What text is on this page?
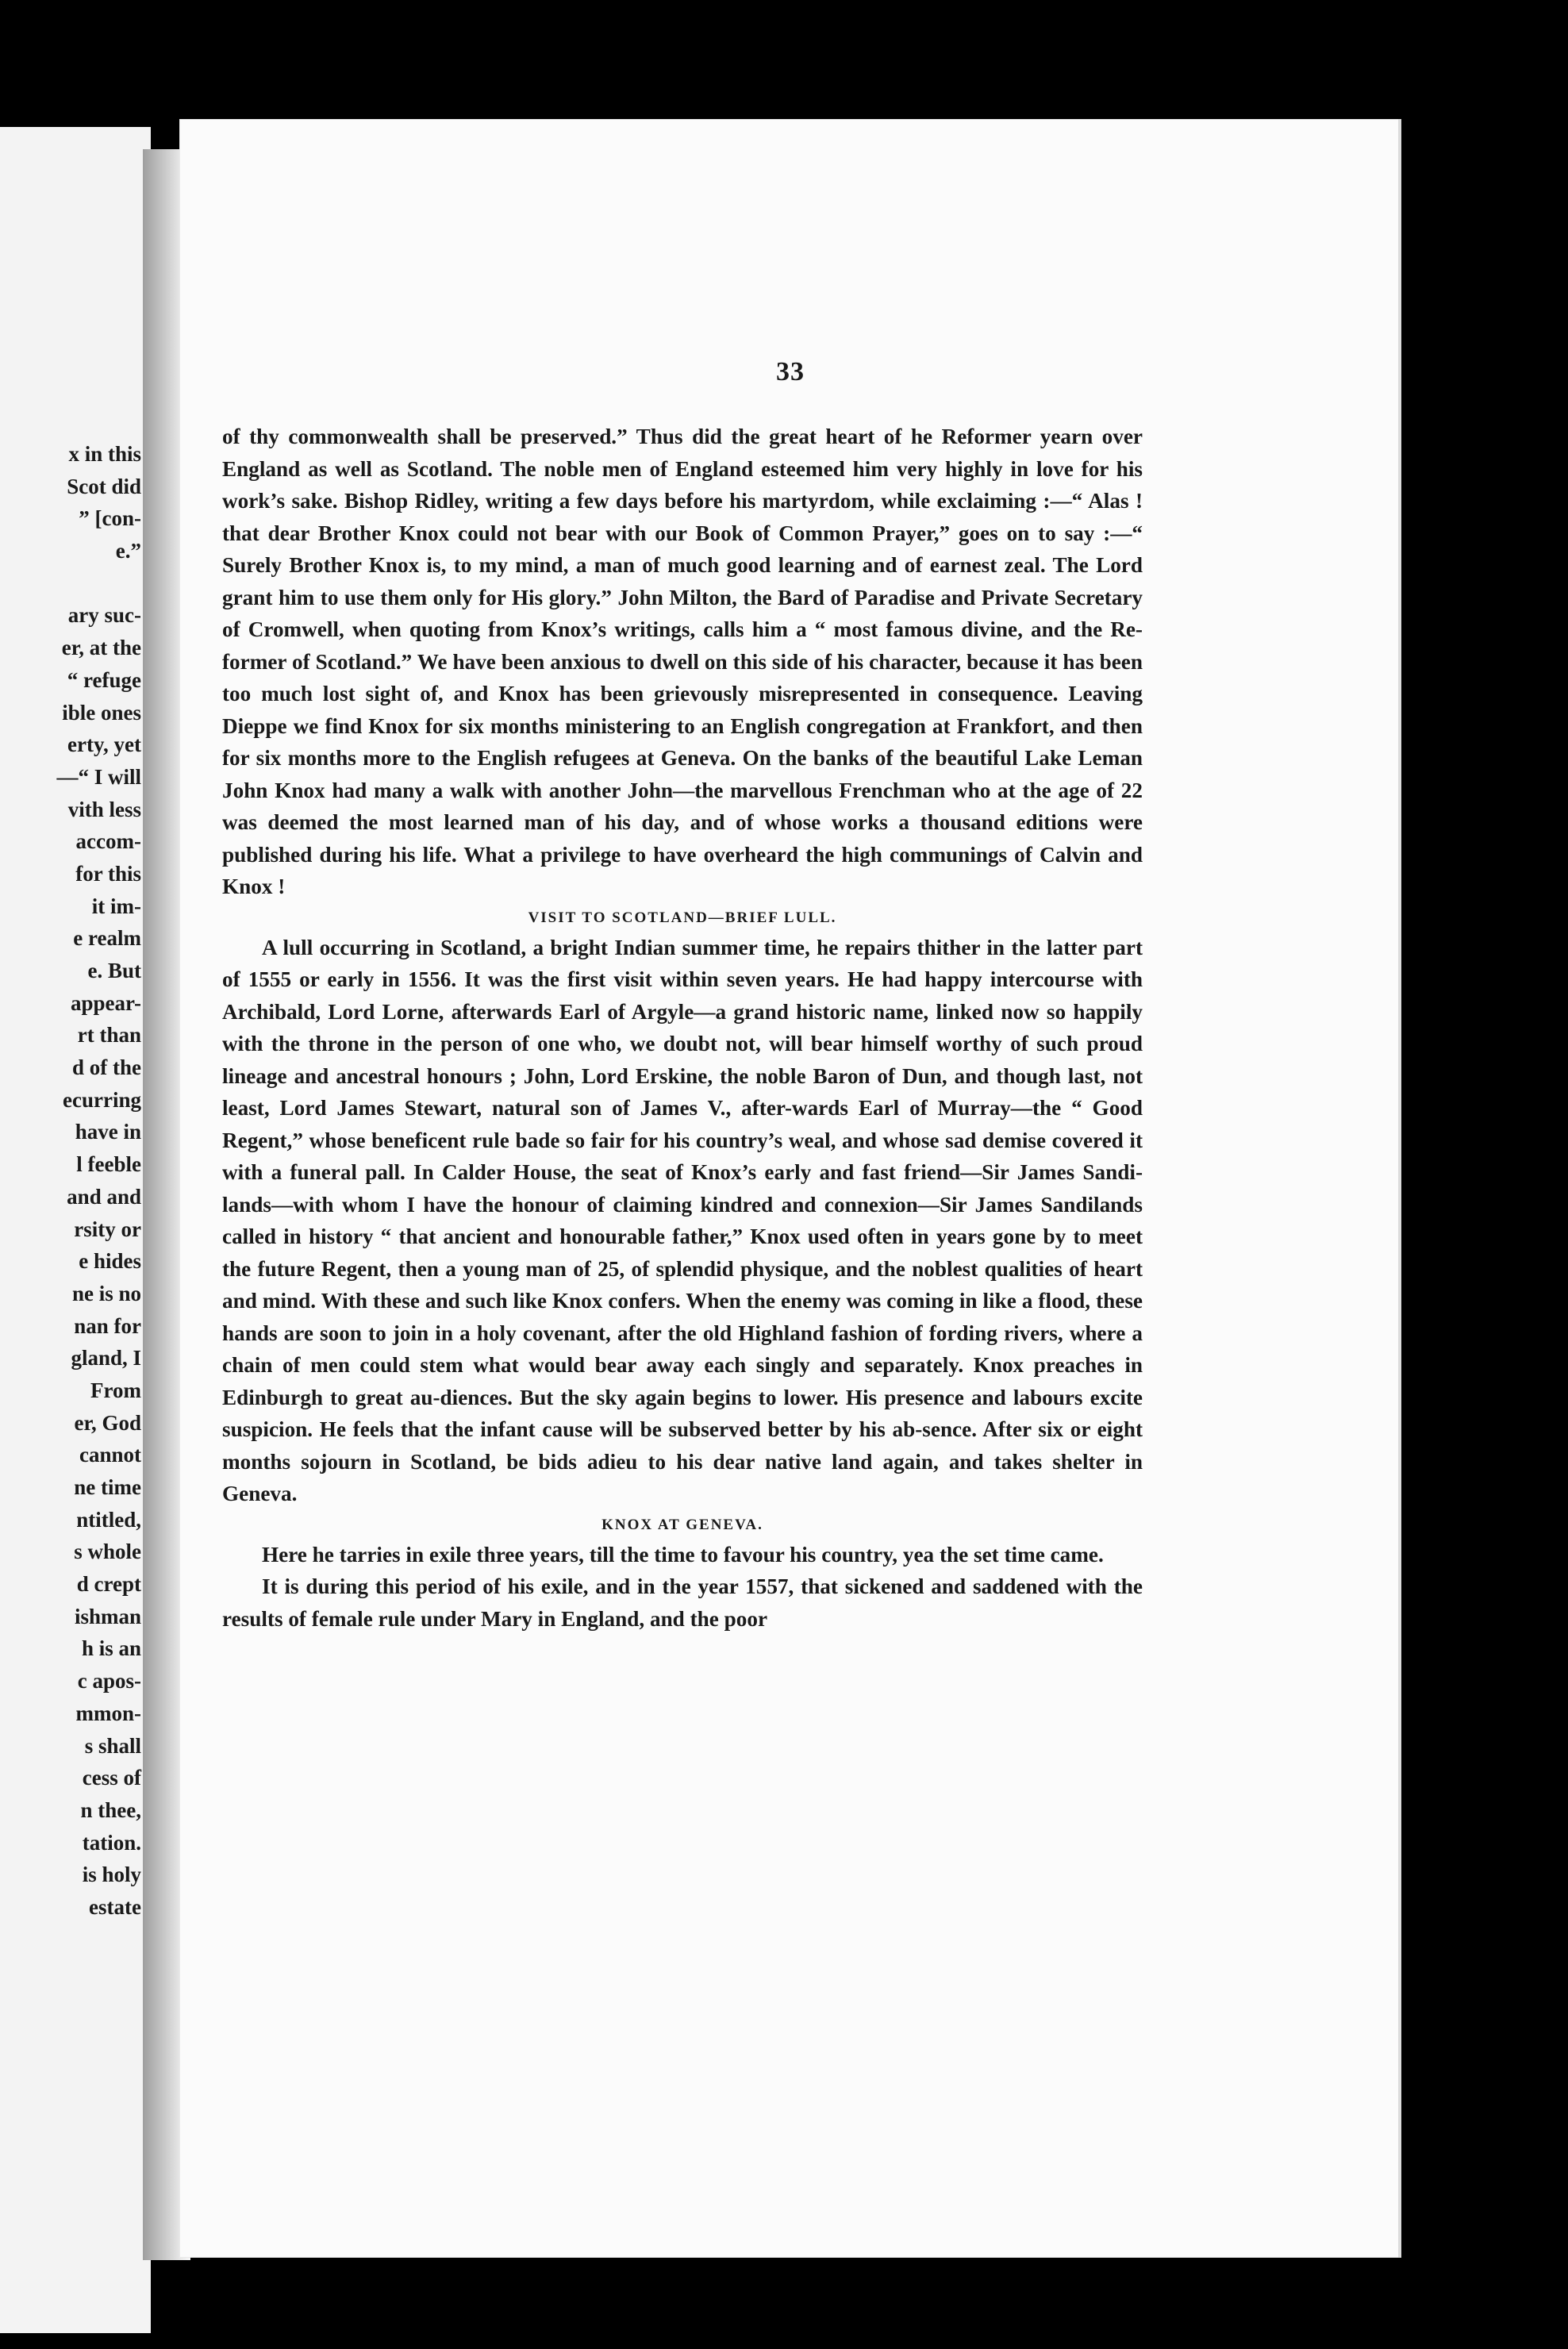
x in this
Scot did
” [con-
e.”
ary suc-
er, at the
“ refuge
ible ones
erty, yet
—“ I will
vith less
accom-
for this
it im-
e realm
e. But
appear-
rt than
d of the
ecurring
have in
l feeble
and and
rsity or
e hides
ne is no
nan for
gland, I
From
er, God
cannot
ne time
ntitled,
s whole
d crept
ishman
h is an
c apos-
mmon-
s shall
cess of
n thee,
tation.
is holy
estate
33

of thy commonwealth shall be preserved.” Thus did the great heart of he Reformer yearn over England as well as Scotland. The noble men of England esteemed him very highly in love for his work’s sake. Bishop Ridley, writing a few days before his martyrdom, while exclaiming :—“ Alas ! that dear Brother Knox could not bear with our Book of Common Prayer,” goes on to say :—“ Surely Brother Knox is, to my mind, a man of much good learning and of earnest zeal. The Lord grant him to use them only for His glory.” John Milton, the Bard of Paradise and Private Secretary of Cromwell, when quoting from Knox’s writings, calls him a “ most famous divine, and the Re-former of Scotland.” We have been anxious to dwell on this side of his character, because it has been too much lost sight of, and Knox has been grievously misrepresented in consequence. Leaving Dieppe we find Knox for six months ministering to an English congregation at Frankfort, and then for six months more to the English refugees at Geneva. On the banks of the beautiful Lake Leman John Knox had many a walk with another John—the marvellous Frenchman who at the age of 22 was deemed the most learned man of his day, and of whose works a thousand editions were published during his life. What a privilege to have overheard the high communings of Calvin and Knox !

VISIT TO SCOTLAND—BRIEF LULL.

A lull occurring in Scotland, a bright Indian summer time, he repairs thither in the latter part of 1555 or early in 1556. It was the first visit within seven years. He had happy intercourse with Archibald, Lord Lorne, afterwards Earl of Argyle—a grand historic name, linked now so happily with the throne in the person of one who, we doubt not, will bear himself worthy of such proud lineage and ancestral honours ; John, Lord Erskine, the noble Baron of Dun, and though last, not least, Lord James Stewart, natural son of James V., after-wards Earl of Murray—the “ Good Regent,” whose beneficent rule bade so fair for his country’s weal, and whose sad demise covered it with a funeral pall. In Calder House, the seat of Knox’s early and fast friend—Sir James Sandi-lands—with whom I have the honour of claiming kindred and connexion—Sir James Sandilands called in history “ that ancient and honourable father,” Knox used often in years gone by to meet the future Regent, then a young man of 25, of splendid physique, and the noblest qualities of heart and mind. With these and such like Knox confers. When the enemy was coming in like a flood, these hands are soon to join in a holy covenant, after the old Highland fashion of fording rivers, where a chain of men could stem what would bear away each singly and separately. Knox preaches in Edinburgh to great au-diences. But the sky again begins to lower. His presence and labours excite suspicion. He feels that the infant cause will be subserved better by his ab-sence. After six or eight months sojourn in Scotland, be bids adieu to his dear native land again, and takes shelter in Geneva.

KNOX AT GENEVA.

Here he tarries in exile three years, till the time to favour his country, yea the set time came.

It is during this period of his exile, and in the year 1557, that sickened and saddened with the results of female rule under Mary in England, and the poor
